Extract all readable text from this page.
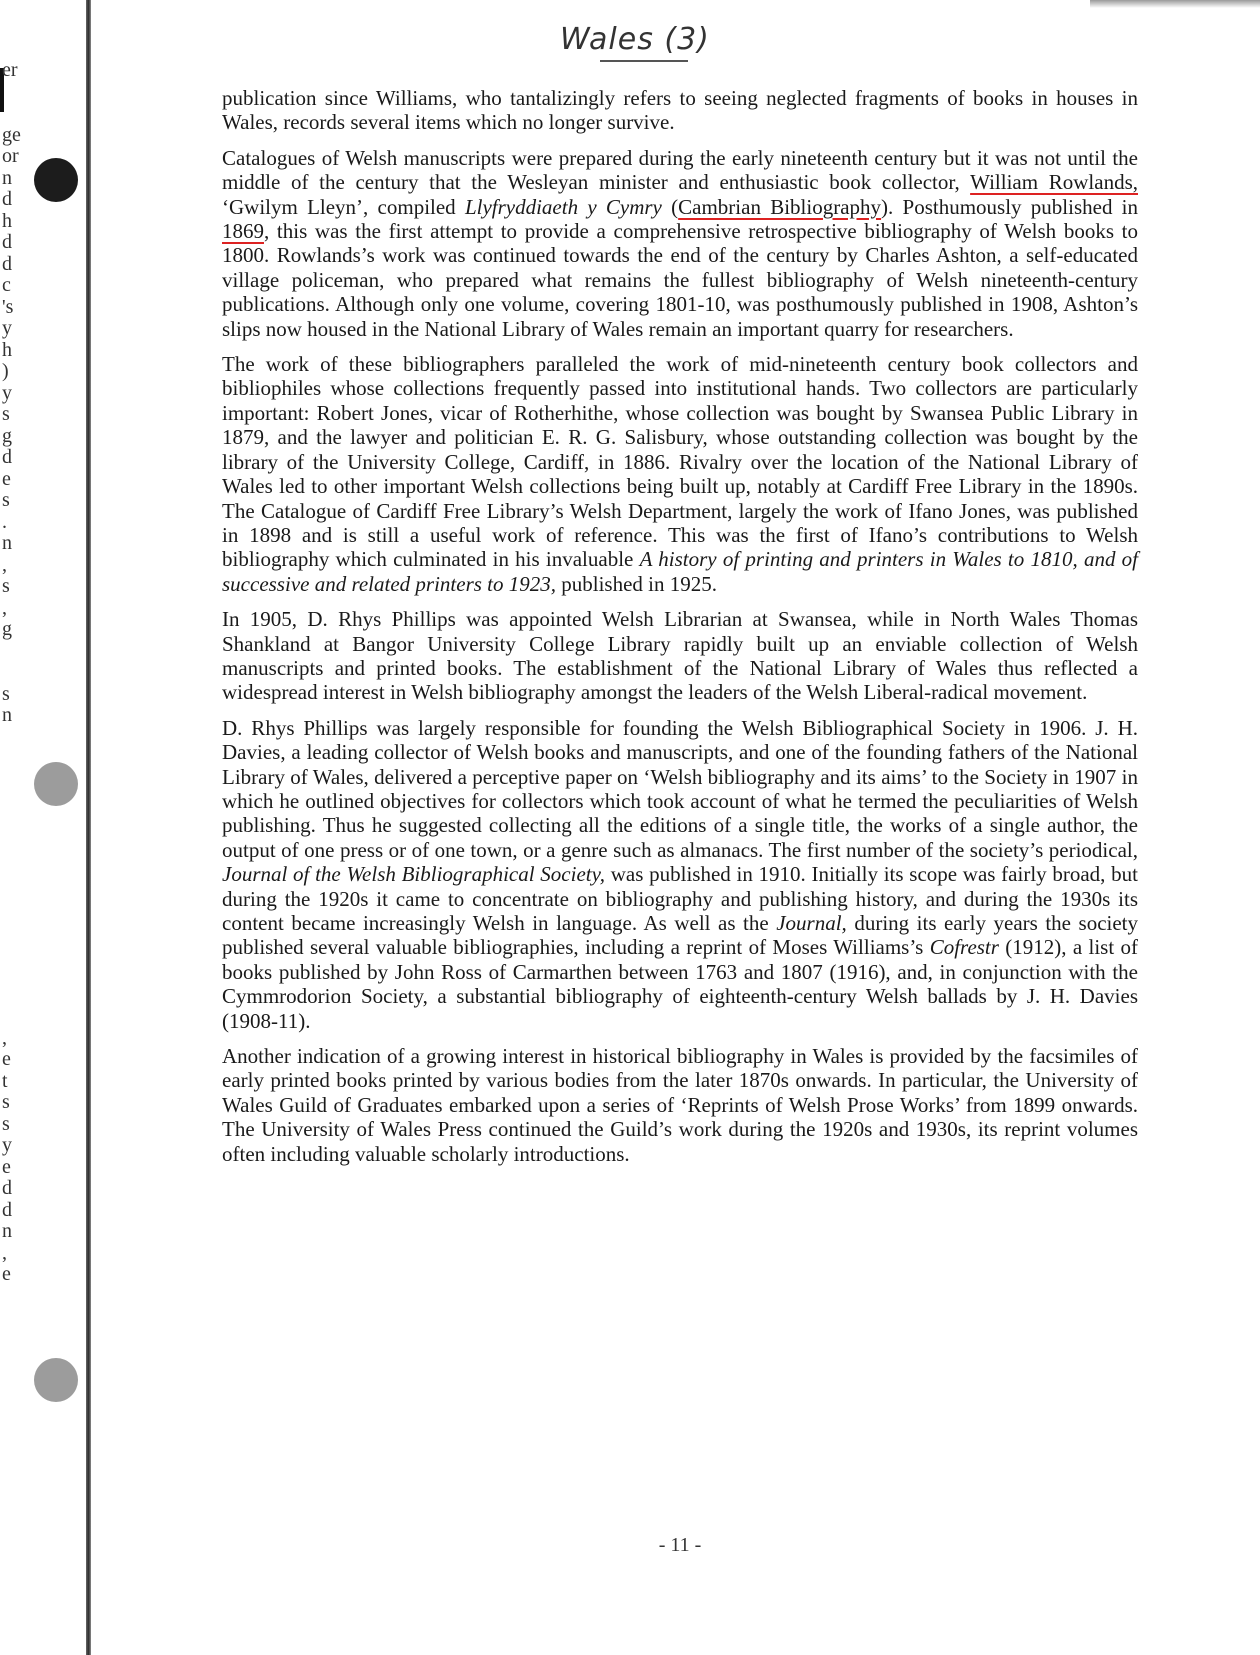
er

ge
or
n
d
h
d
d
c
's
y
h
)
y
s
g
d
e
s
.
n
,
s
,
g

s
n

,
e
t
s
s
y
e
d
d
n
,
e
Wales (3)

publication since Williams, who tantalizingly refers to seeing neglected fragments of books in houses in Wales, records several items which no longer survive.

Catalogues of Welsh manuscripts were prepared during the early nineteenth century but it was not until the middle of the century that the Wesleyan minister and enthusiastic book collector, William Rowlands, ‘Gwilym Lleyn’, compiled Llyfryddiaeth y Cymry (Cambrian Bibliography). Posthumously published in 1869, this was the first attempt to provide a comprehensive retrospective bibliography of Welsh books to 1800. Rowlands’s work was continued towards the end of the century by Charles Ashton, a self-educated village policeman, who prepared what remains the fullest bibliography of Welsh nineteenth-century publications. Although only one volume, covering 1801-10, was posthumously published in 1908, Ashton’s slips now housed in the National Library of Wales remain an important quarry for researchers.

The work of these bibliographers paralleled the work of mid-nineteenth century book collectors and bibliophiles whose collections frequently passed into institutional hands. Two collectors are particularly important: Robert Jones, vicar of Rotherhithe, whose collection was bought by Swansea Public Library in 1879, and the lawyer and politician E. R. G. Salisbury, whose outstanding collection was bought by the library of the University College, Cardiff, in 1886. Rivalry over the location of the National Library of Wales led to other important Welsh collections being built up, notably at Cardiff Free Library in the 1890s. The Catalogue of Cardiff Free Library’s Welsh Department, largely the work of Ifano Jones, was published in 1898 and is still a useful work of reference. This was the first of Ifano’s contributions to Welsh bibliography which culminated in his invaluable A history of printing and printers in Wales to 1810, and of successive and related printers to 1923, published in 1925.

In 1905, D. Rhys Phillips was appointed Welsh Librarian at Swansea, while in North Wales Thomas Shankland at Bangor University College Library rapidly built up an enviable collection of Welsh manuscripts and printed books. The establishment of the National Library of Wales thus reflected a widespread interest in Welsh bibliography amongst the leaders of the Welsh Liberal-radical movement.

D. Rhys Phillips was largely responsible for founding the Welsh Bibliographical Society in 1906. J. H. Davies, a leading collector of Welsh books and manuscripts, and one of the founding fathers of the National Library of Wales, delivered a perceptive paper on ‘Welsh bibliography and its aims’ to the Society in 1907 in which he outlined objectives for collectors which took account of what he termed the peculiarities of Welsh publishing. Thus he suggested collecting all the editions of a single title, the works of a single author, the output of one press or of one town, or a genre such as almanacs. The first number of the society’s periodical, Journal of the Welsh Bibliographical Society, was published in 1910. Initially its scope was fairly broad, but during the 1920s it came to concentrate on bibliography and publishing history, and during the 1930s its content became increasingly Welsh in language. As well as the Journal, during its early years the society published several valuable bibliographies, including a reprint of Moses Williams’s Cofrestr (1912), a list of books published by John Ross of Carmarthen between 1763 and 1807 (1916), and, in conjunction with the Cymmrodorion Society, a substantial bibliography of eighteenth-century Welsh ballads by J. H. Davies (1908-11).

Another indication of a growing interest in historical bibliography in Wales is provided by the facsimiles of early printed books printed by various bodies from the later 1870s onwards. In particular, the University of Wales Guild of Graduates embarked upon a series of ‘Reprints of Welsh Prose Works’ from 1899 onwards. The University of Wales Press continued the Guild’s work during the 1920s and 1930s, its reprint volumes often including valuable scholarly introductions.

- 11 -
